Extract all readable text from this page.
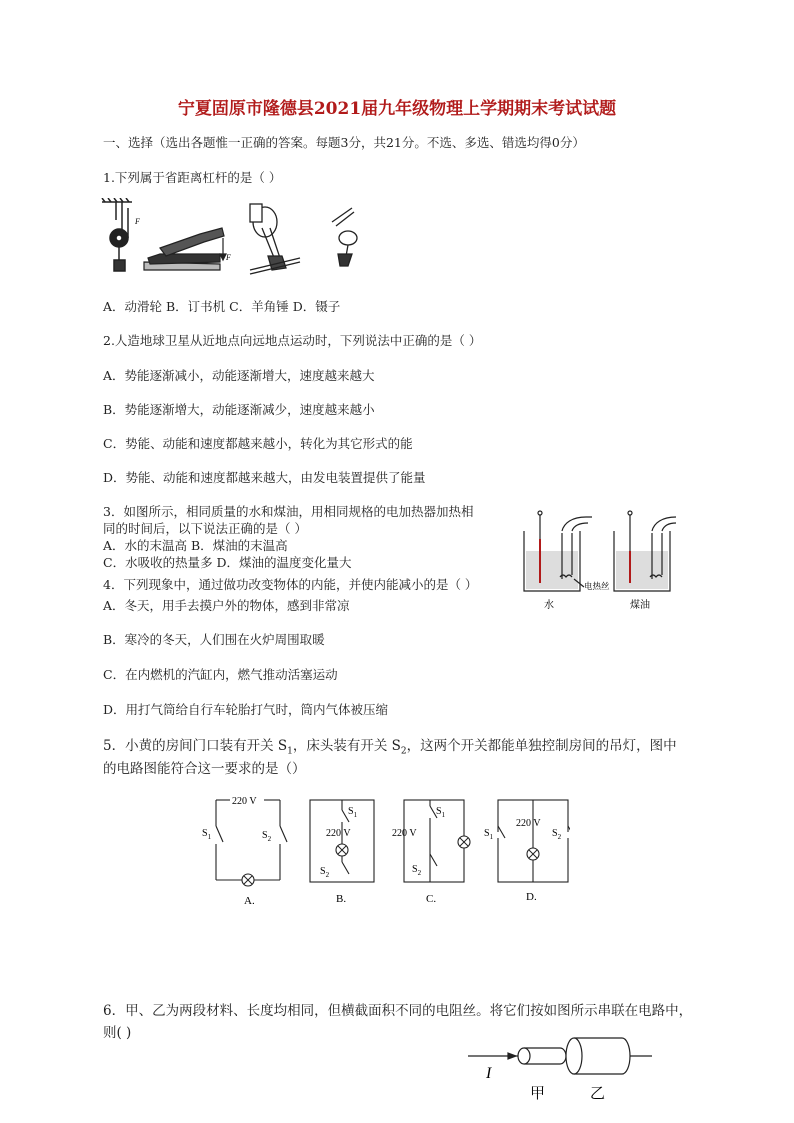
宁夏固原市隆德县2021届九年级物理上学期期末考试试题
一、选择（选出各题惟一正确的答案。每题3分，共21分。不选、多选、错选均得0分）
1.下列属于省距离杠杆的是（ ）
F
F
A．动滑轮 B．订书机 C．羊角锤 D．镊子
2.人造地球卫星从近地点向远地点运动时，下列说法中正确的是（ ）
A．势能逐渐减小，动能逐渐增大，速度越来越大
B．势能逐渐增大，动能逐渐减少，速度越来越小
C．势能、动能和速度都越来越小，转化为其它形式的能
D．势能、动能和速度都越来越大，由发电装置提供了能量
3．如图所示，相同质量的水和煤油，用相同规格的电加热器加热相
同的时间后，以下说法正确的是（ ）
A．水的末温高 B．煤油的末温高
C．水吸收的热量多 D．煤油的温度变化量大
电热丝
水	煤油
4．下列现象中，通过做功改变物体的内能，并使内能减小的是（ ）
A．冬天，用手去摸户外的物体，感到非常凉
B．寒冷的冬天，人们围在火炉周围取暖
C．在内燃机的汽缸内，燃气推动活塞运动
D．用打气筒给自行车轮胎打气时，筒内气体被压缩
5．小黄的房间门口装有开关 $S_1$，床头装有开关 $S_2$，这两个开关都能单独控制房间的吊灯，图中
的电路图能符合这一要求的是（）
220 V
$S_1$	$S_2$
$S_1$
220 V
$S_2$
$S_1$
220 V
$S_2$
220 V
$S_1$	$S_2$
A.	B.	C.	D.
6．甲、乙为两段材料、长度均相同，但横截面积不同的电阻丝。将它们按如图所示串联在电路中，
则( )
I
甲	乙
